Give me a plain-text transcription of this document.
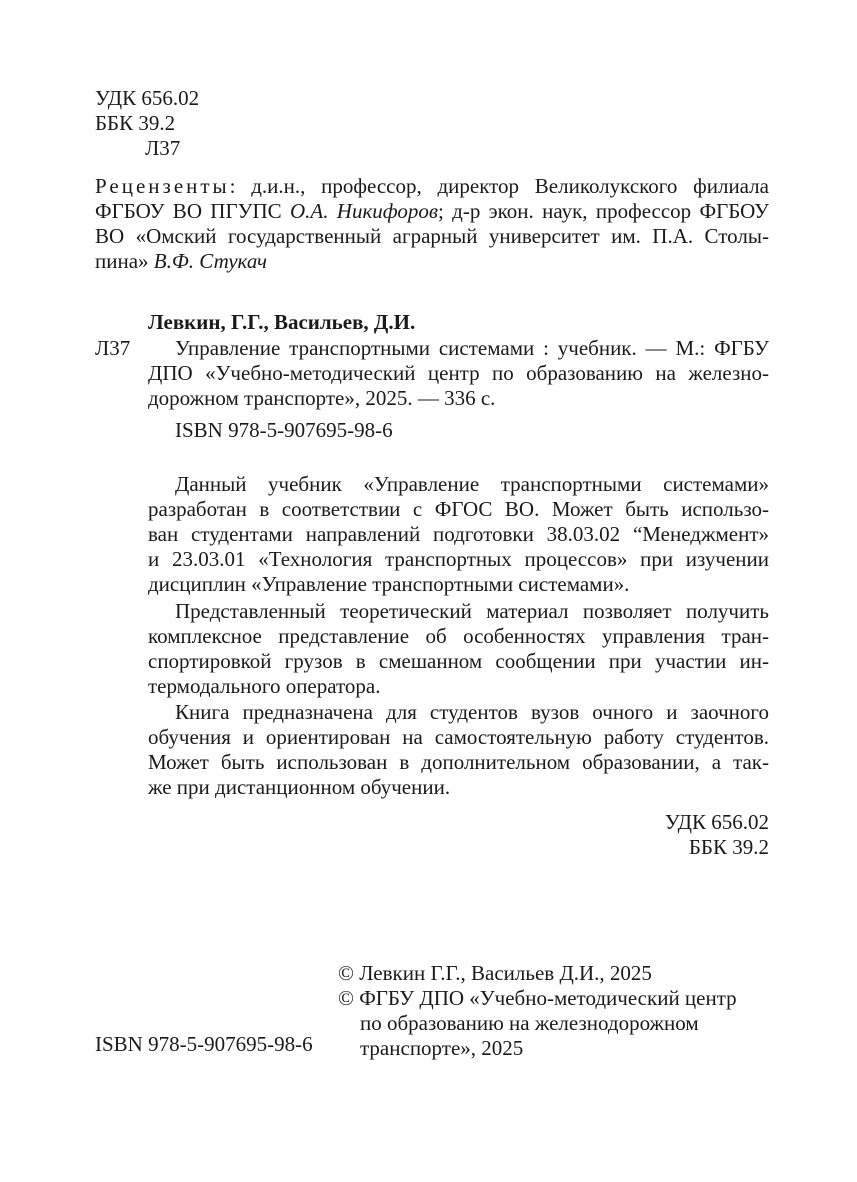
УДК 656.02
ББК 39.2
Л37
Рецензенты: д.и.н., профессор, директор Великолукского филиала
ФГБОУ ВО ПГУПС О.А. Никифоров; д-р экон. наук, профессор ФГБОУ
ВО «Омский государственный аграрный университет им. П.А. Столы-
пина» В.Ф. Стукач
Левкин, Г.Г., Васильев, Д.И.
Л37 Управление транспортными системами : учебник. — М.: ФГБУ
ДПО «Учебно-методический центр по образованию на железно-
дорожном транспорте», 2025. — 336 с.
ISBN 978-5-907695-98-6
Данный учебник «Управление транспортными системами»
разработан в соответствии с ФГОС ВО. Может быть использо-
ван студентами направлений подготовки 38.03.02 “Менеджмент»
и 23.03.01 «Технология транспортных процессов» при изучении
дисциплин «Управление транспортными системами».
Представленный теоретический материал позволяет получить
комплексное представление об особенностях управления тран-
спортировкой грузов в смешанном сообщении при участии ин-
термодального оператора.
Книга предназначена для студентов вузов очного и заочного
обучения и ориентирован на самостоятельную работу студентов.
Может быть использован в дополнительном образовании, а так-
же при дистанционном обучении.
УДК 656.02
ББК 39.2
© Левкин Г.Г., Васильев Д.И., 2025
© ФГБУ ДПО «Учебно-методический центр
по образованию на железнодорожном
транспорте», 2025
ISBN 978-5-907695-98-6
